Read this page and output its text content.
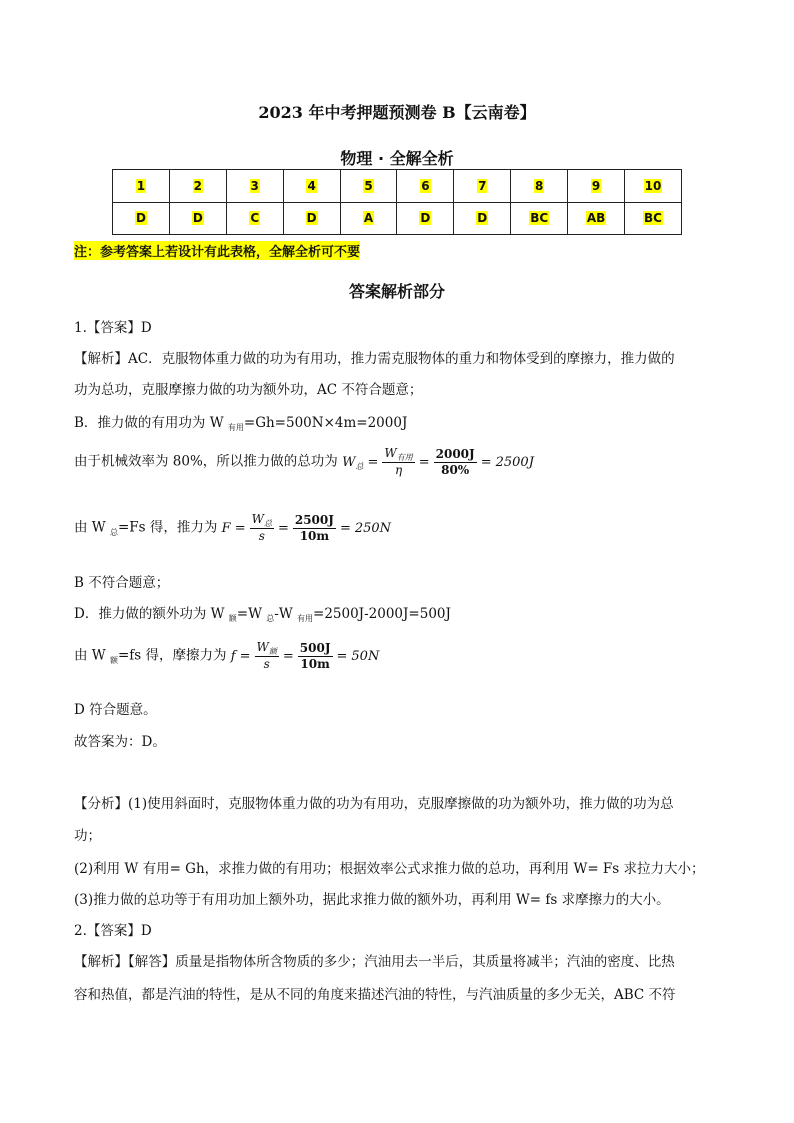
2023 年中考押题预测卷 B【云南卷】
物理 · 全解全析
1	2	3	4	5	6	7	8	9	10
D	D	C	D	A	D	D	BC	AB	BC
注：参考答案上若设计有此表格，全解全析可不要
答案解析部分
1.【答案】D
【解析】AC．克服物体重力做的功为有用功，推力需克服物体的重力和物体受到的摩擦力，推力做的
功为总功，克服摩擦力做的功为额外功，AC 不符合题意；
B．推力做的有用功为 W $_{有用}$=Gh=500N×4m=2000J
由于机械效率为 80%，所以推力做的总功为 $W_总 = \frac{W_{有用}}{\eta} = \frac{2000J}{80\%} = 2500J$
由 W $_总$=Fs 得，推力为 $F = \frac{W_总}{s} = \frac{2500J}{10m} = 250N$
B 不符合题意；
D．推力做的额外功为 W $_额$=W $_总$-W $_{有用}$=2500J-2000J=500J
由 W $_额$=fs 得，摩擦力为 $f = \frac{W_额}{s} = \frac{500J}{10m} = 50N$
D 符合题意。
故答案为：D。
【分析】(1)使用斜面时，克服物体重力做的功为有用功，克服摩擦做的功为额外功，推力做的功为总
功；
(2)利用 W 有用= Gh，求推力做的有用功；根据效率公式求推力做的总功，再利用 W= Fs 求拉力大小；
(3)推力做的总功等于有用功加上额外功，据此求推力做的额外功，再利用 W= fs 求摩擦力的大小。
2.【答案】D
【解析】【解答】质量是指物体所含物质的多少；汽油用去一半后，其质量将减半；汽油的密度、比热
容和热值，都是汽油的特性，是从不同的角度来描述汽油的特性，与汽油质量的多少无关，ABC 不符
